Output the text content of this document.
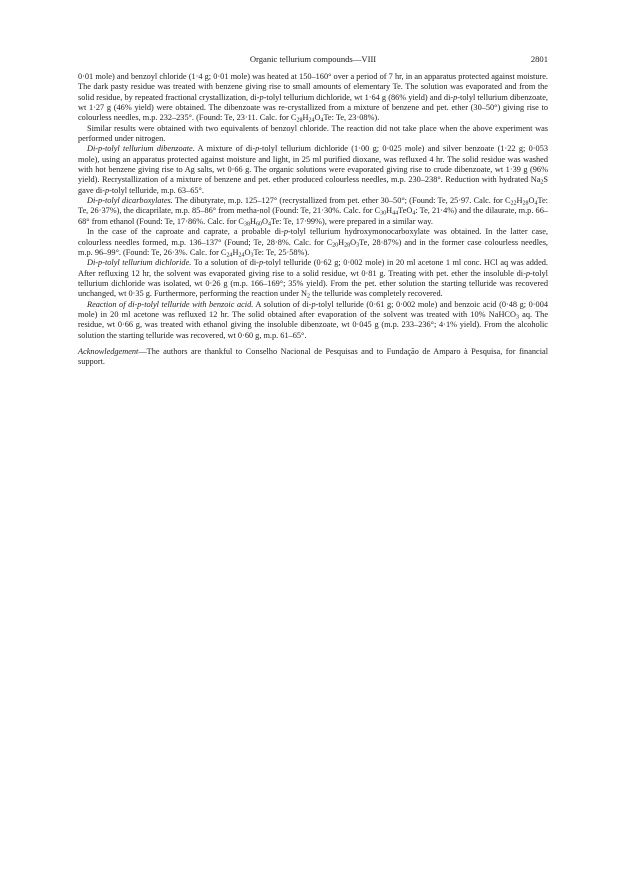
Organic tellurium compounds—VIII	2801

0·01 mole) and benzoyl chloride (1·4 g; 0·01 mole) was heated at 150–160° over a period of 7 hr, in an apparatus protected against moisture. The dark pasty residue was treated with benzene giving rise to small amounts of elementary Te. The solution was evaporated and from the solid residue, by repeated fractional crystallization, di-p-tolyl tellurium dichloride, wt 1·64 g (86% yield) and di-p-tolyl tellurium dibenzoate, wt 1·27 g (46% yield) were obtained. The dibenzoate was re-crystallized from a mixture of benzene and pet. ether (30–50°) giving rise to colourless needles, m.p. 232–235°. (Found: Te, 23·11. Calc. for $C_{28}H_{24}O_4Te$: Te, 23·08%).

Similar results were obtained with two equivalents of benzoyl chloride. The reaction did not take place when the above experiment was performed under nitrogen.

Di-p-tolyl tellurium dibenzoate. A mixture of di-p-tolyl tellurium dichloride (1·00 g; 0·025 mole) and silver benzoate (1·22 g; 0·053 mole), using an apparatus protected against moisture and light, in 25 ml purified dioxane, was refluxed 4 hr. The solid residue was washed with hot benzene giving rise to Ag salts, wt 0·66 g. The organic solutions were evaporated giving rise to crude dibenzoate, wt 1·39 g (96% yield). Recrystallization of a mixture of benzene and pet. ether produced colourless needles, m.p. 230–238°. Reduction with hydrated $Na_2S$ gave di-p-tolyl telluride, m.p. 63–65°.

Di-p-tolyl dicarboxylates. The dibutyrate, m.p. 125–127° (recrystallized from pet. ether 30–50°; (Found: Te, 25·97. Calc. for $C_{22}H_{28}O_4Te$: Te, 26·37%), the dicaprilate, m.p. 85–86° from metha-nol (Found: Te, 21·30%. Calc. for $C_{30}H_{44}TeO_4$: Te, 21·4%) and the dilaurate, m.p. 66–68° from ethanol (Found: Te, 17·86%. Calc. for $C_{38}H_{60}O_4Te$: Te, 17·99%), were prepared in a similar way.

In the case of the caproate and caprate, a probable di-p-tolyl tellurium hydroxymonocarboxylate was obtained. In the latter case, colourless needles formed, m.p. 136–137° (Found; Te, 28·8%. Calc. for $C_{20}H_{28}O_3Te$, 28·87%) and in the former case colourless needles, m.p. 96–99°. (Found: Te, 26·3%. Calc. for $C_{24}H_{24}O_3Te$: Te, 25·58%).

Di-p-tolyl tellurium dichloride. To a solution of di-p-tolyl telluride (0·62 g; 0·002 mole) in 20 ml acetone 1 ml conc. HCl aq was added. After refluxing 12 hr, the solvent was evaporated giving rise to a solid residue, wt 0·81 g. Treating with pet. ether the insoluble di-p-tolyl tellurium dichloride was isolated, wt 0·26 g (m.p. 166–169°; 35% yield). From the pet. ether solution the starting telluride was recovered unchanged, wt 0·35 g. Furthermore, performing the reaction under $N_2$ the telluride was completely recovered.

Reaction of di-p-tolyl telluride with benzoic acid. A solution of di-p-tolyl telluride (0·61 g; 0·002 mole) and benzoic acid (0·48 g; 0·004 mole) in 20 ml acetone was refluxed 12 hr. The solid obtained after evaporation of the solvent was treated with 10% NaHCO$_3$ aq. The residue, wt 0·66 g, was treated with ethanol giving the insoluble dibenzoate, wt 0·045 g (m.p. 233–236°; 4·1% yield). From the alcoholic solution the starting telluride was recovered, wt 0·60 g, m.p. 61–65°.

Acknowledgement—The authors are thankful to Conselho Nacional de Pesquisas and to Fundação de Amparo à Pesquisa, for financial support.
